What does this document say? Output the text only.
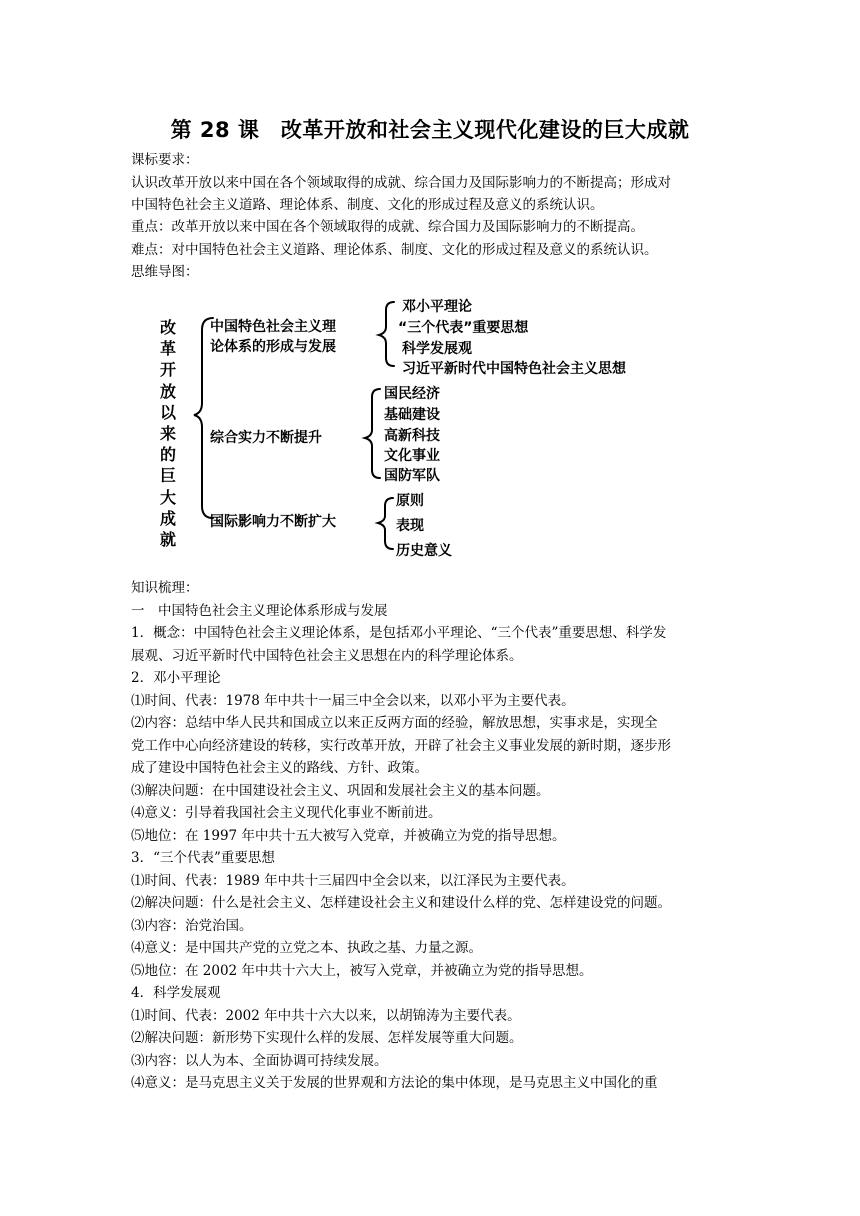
第 28 课　改革开放和社会主义现代化建设的巨大成就
课标要求：
认识改革开放以来中国在各个领域取得的成就、综合国力及国际影响力的不断提高；形成对
中国特色社会主义道路、理论体系、制度、文化的形成过程及意义的系统认识。
重点：改革开放以来中国在各个领域取得的成就、综合国力及国际影响力的不断提高。
难点：对中国特色社会主义道路、理论体系、制度、文化的形成过程及意义的系统认识。
思维导图：
改
革
开
放
以
来
的
巨
大
成
就
中国特色社会主义理
论体系的形成与发展
邓小平理论
“三个代表”重要思想
科学发展观
习近平新时代中国特色社会主义思想
综合实力不断提升
国民经济
基础建设
高新科技
文化事业
国防军队
国际影响力不断扩大
原则
表现
历史意义
知识梳理：
一　中国特色社会主义理论体系形成与发展
1．概念：中国特色社会主义理论体系，是包括邓小平理论、“三个代表”重要思想、科学发
展观、习近平新时代中国特色社会主义思想在内的科学理论体系。
2．邓小平理论
⑴时间、代表：1978 年中共十一届三中全会以来，以邓小平为主要代表。
⑵内容：总结中华人民共和国成立以来正反两方面的经验，解放思想，实事求是，实现全
党工作中心向经济建设的转移，实行改革开放，开辟了社会主义事业发展的新时期，逐步形
成了建设中国特色社会主义的路线、方针、政策。
⑶解决问题：在中国建设社会主义、巩固和发展社会主义的基本问题。
⑷意义：引导着我国社会主义现代化事业不断前进。
⑸地位：在 1997 年中共十五大被写入党章，并被确立为党的指导思想。
3．“三个代表”重要思想
⑴时间、代表：1989 年中共十三届四中全会以来，以江泽民为主要代表。
⑵解决问题：什么是社会主义、怎样建设社会主义和建设什么样的党、怎样建设党的问题。
⑶内容：治党治国。
⑷意义：是中国共产党的立党之本、执政之基、力量之源。
⑸地位：在 2002 年中共十六大上，被写入党章，并被确立为党的指导思想。
4．科学发展观
⑴时间、代表：2002 年中共十六大以来，以胡锦涛为主要代表。
⑵解决问题：新形势下实现什么样的发展、怎样发展等重大问题。
⑶内容：以人为本、全面协调可持续发展。
⑷意义：是马克思主义关于发展的世界观和方法论的集中体现，是马克思主义中国化的重
